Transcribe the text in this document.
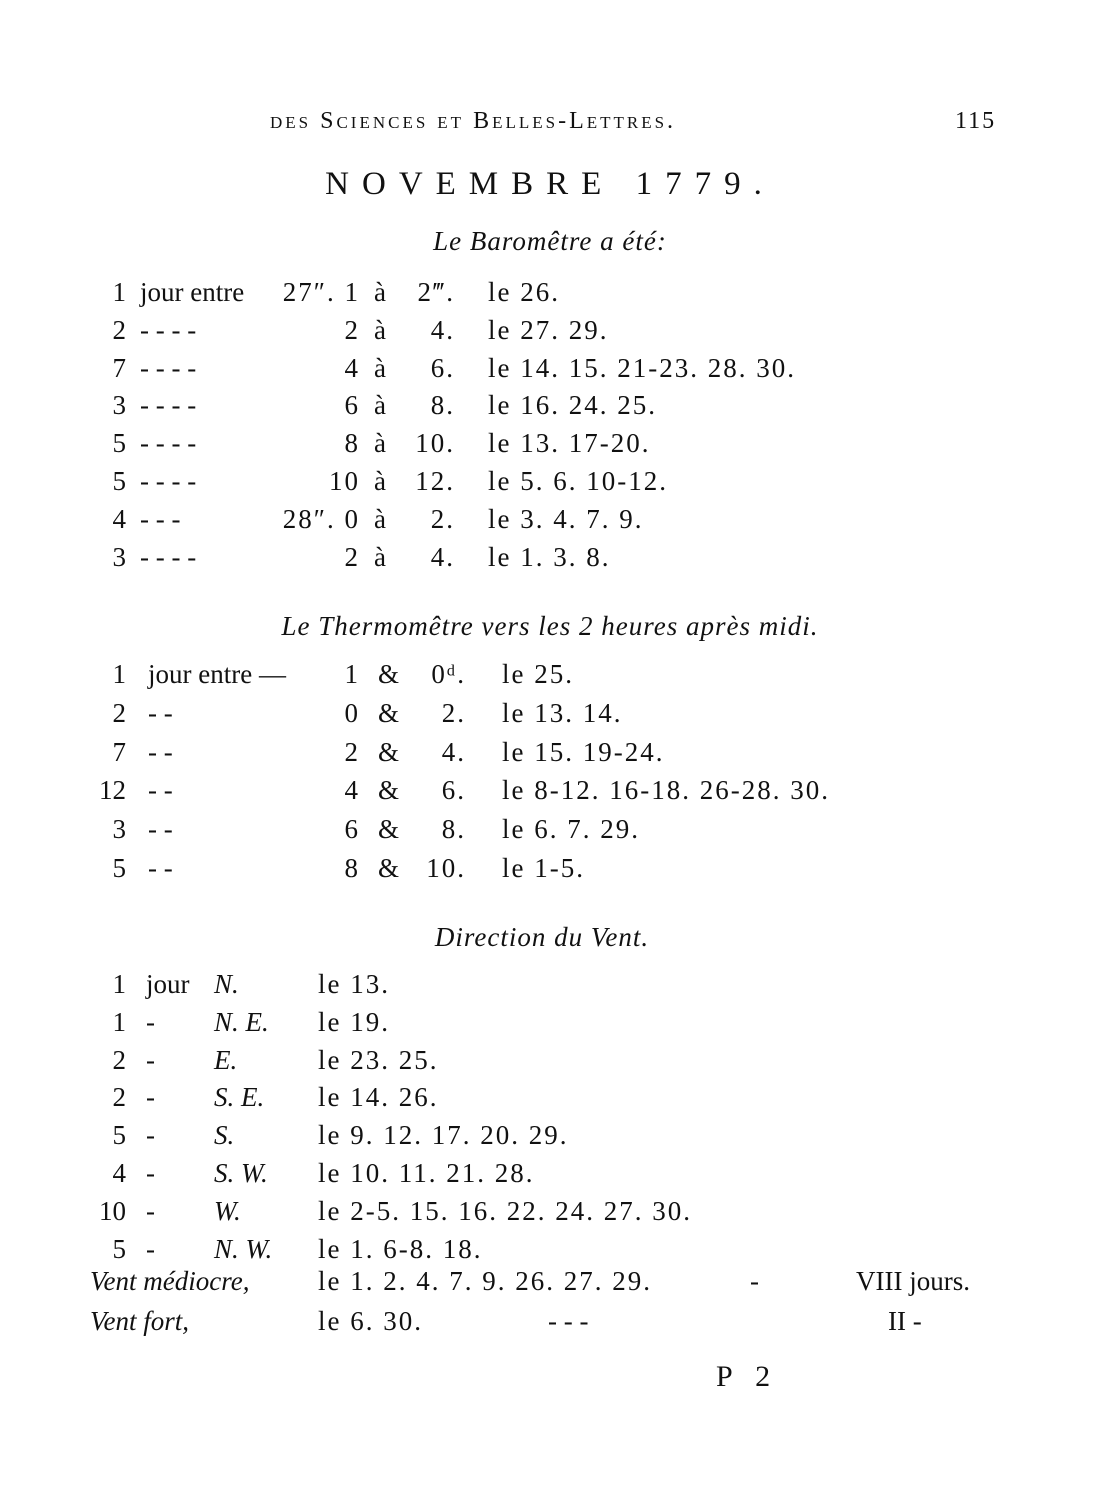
des Sciences et Belles-Lettres.	115
NOVEMBRE 1779.
Le Baromêtre a été:
1 jour entre	27″. 1 à	2‴. le 26.
2 - - - -	2 à	4. le 27. 29.
7 - - - -	4 à	6. le 14. 15. 21-23. 28. 30.
3 - - - -	6 à	8. le 16. 24. 25.
5 - - - -	8 à	10. le 13. 17-20.
5 - - - -	10 à	12. le 5. 6. 10-12.
4 - - -	28″. 0 à	2. le 3. 4. 7. 9.
3 - - - -	2 à	4. le 1. 3. 8.
Le Thermomêtre vers les 2 heures après midi.
1 jour entre —	1 &	0ᵈ. le 25.
2 - -	0 &	2. le 13. 14.
7 - -	2 &	4. le 15. 19-24.
12 - -	4 &	6. le 8-12. 16-18. 26-28. 30.
3 - -	6 &	8. le 6. 7. 29.
5 - -	8 &	10. le 1-5.
Direction du Vent.
1 jour N.	le 13.
1 - N. E. le 19.
2 - E.	le 23. 25.
2 - S. E. le 14. 26.
5 - S.	le 9. 12. 17. 20. 29.
4 - S. W. le 10. 11. 21. 28.
10 - W.	le 2-5. 15. 16. 22. 24. 27. 30.
5 - N. W. le 1. 6-8. 18.
Vent médiocre,	le 1. 2. 4. 7. 9. 26. 27. 29.	-	VIII jours.
Vent fort,	le 6. 30.	- - -	II -
P 2
